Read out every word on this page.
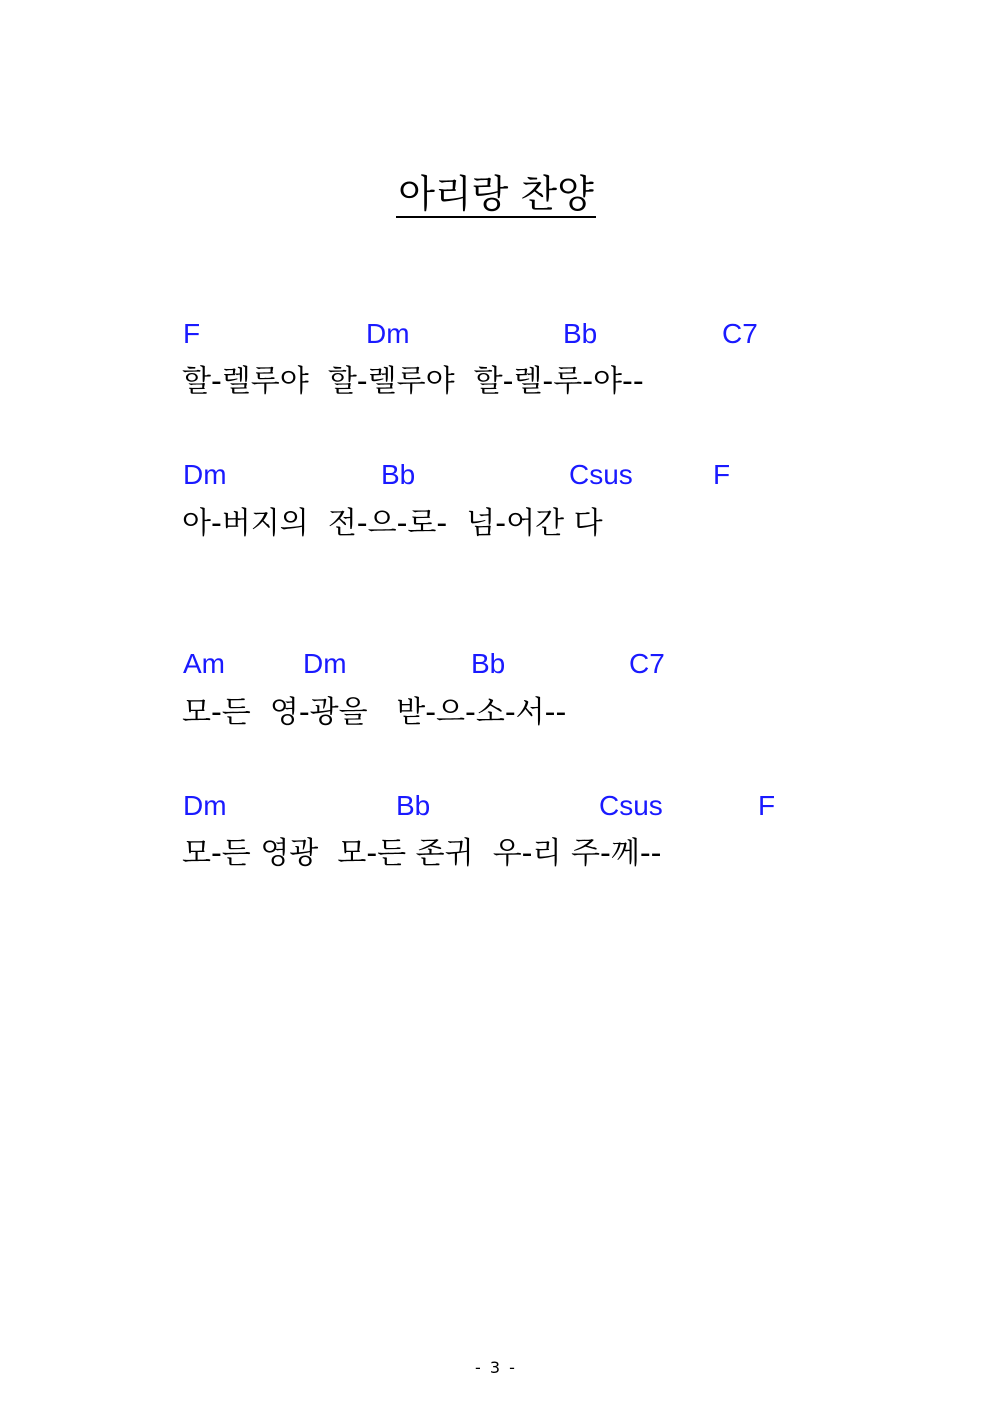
아리랑 찬양
F	Dm	Bb	C7
할-렐루야  할-렐루야  할-렐-루-야--
Dm	Bb	Csus	F
아-버지의  전-으-로-  넘-어간 다
Am	Dm	Bb	C7
모-든  영-광을   받-으-소-서--
Dm	Bb	Csus	F
모-든 영광  모-든 존귀  우-리 주-께--
- 3 -
